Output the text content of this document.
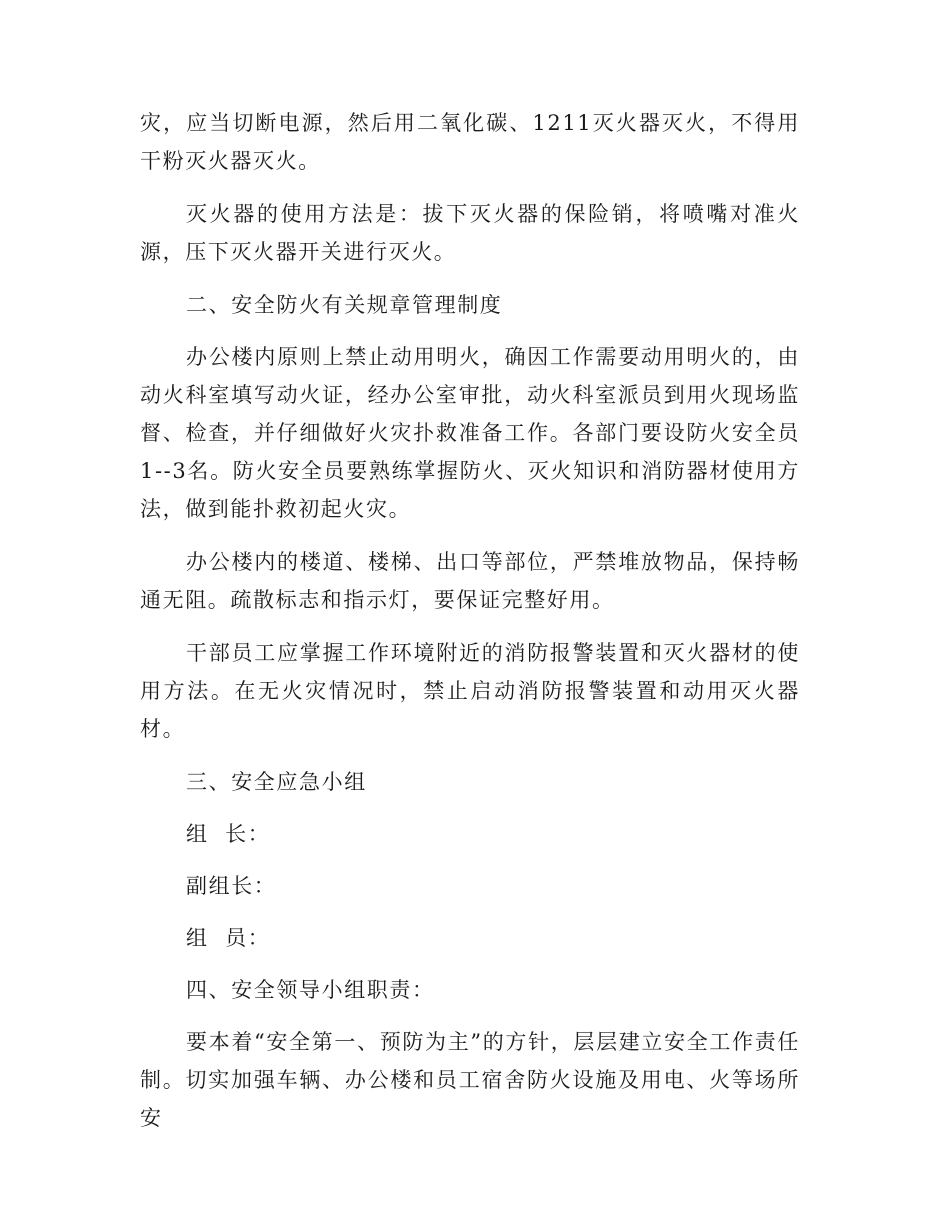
灾，应当切断电源，然后用二氧化碳、1211灭火器灭火，不得用干粉灭火器灭火。

灭火器的使用方法是：拔下灭火器的保险销，将喷嘴对准火源，压下灭火器开关进行灭火。

二、安全防火有关规章管理制度

办公楼内原则上禁止动用明火，确因工作需要动用明火的，由动火科室填写动火证，经办公室审批，动火科室派员到用火现场监督、检查，并仔细做好火灾扑救准备工作。各部门要设防火安全员1--3名。防火安全员要熟练掌握防火、灭火知识和消防器材使用方法，做到能扑救初起火灾。

办公楼内的楼道、楼梯、出口等部位，严禁堆放物品，保持畅通无阻。疏散标志和指示灯，要保证完整好用。

干部员工应掌握工作环境附近的消防报警装置和灭火器材的使用方法。在无火灾情况时，禁止启动消防报警装置和动用灭火器材。

三、安全应急小组

组  长：

副组长：

组  员：

四、安全领导小组职责：

要本着“安全第一、预防为主”的方针，层层建立安全工作责任制。切实加强车辆、办公楼和员工宿舍防火设施及用电、火等场所安
